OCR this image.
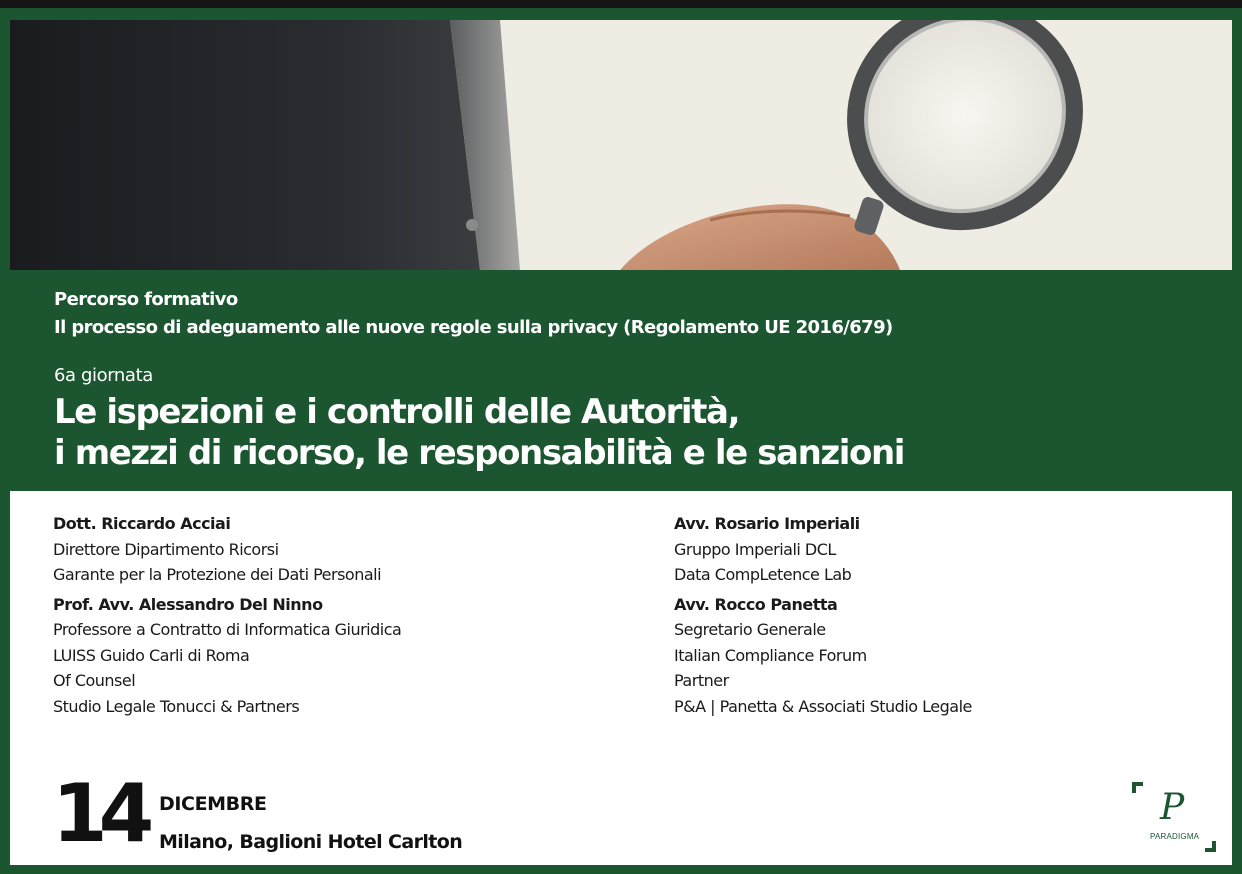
Percorso formativo
Il processo di adeguamento alle nuove regole sulla privacy (Regolamento UE 2016/679)
6a giornata
Le ispezioni e i controlli delle Autorità,
i mezzi di ricorso, le responsabilità e le sanzioni
Dott. Riccardo Acciai
Direttore Dipartimento Ricorsi
Garante per la Protezione dei Dati Personali
Prof. Avv. Alessandro Del Ninno
Professore a Contratto di Informatica Giuridica
LUISS Guido Carli di Roma
Of Counsel
Studio Legale Tonucci & Partners
Avv. Rosario Imperiali
Gruppo Imperiali DCL
Data CompLetence Lab
Avv. Rocco Panetta
Segretario Generale
Italian Compliance Forum
Partner
P&A | Panetta & Associati Studio Legale
14 DICEMBRE
Milano, Baglioni Hotel Carlton
P
PARADIGMA
